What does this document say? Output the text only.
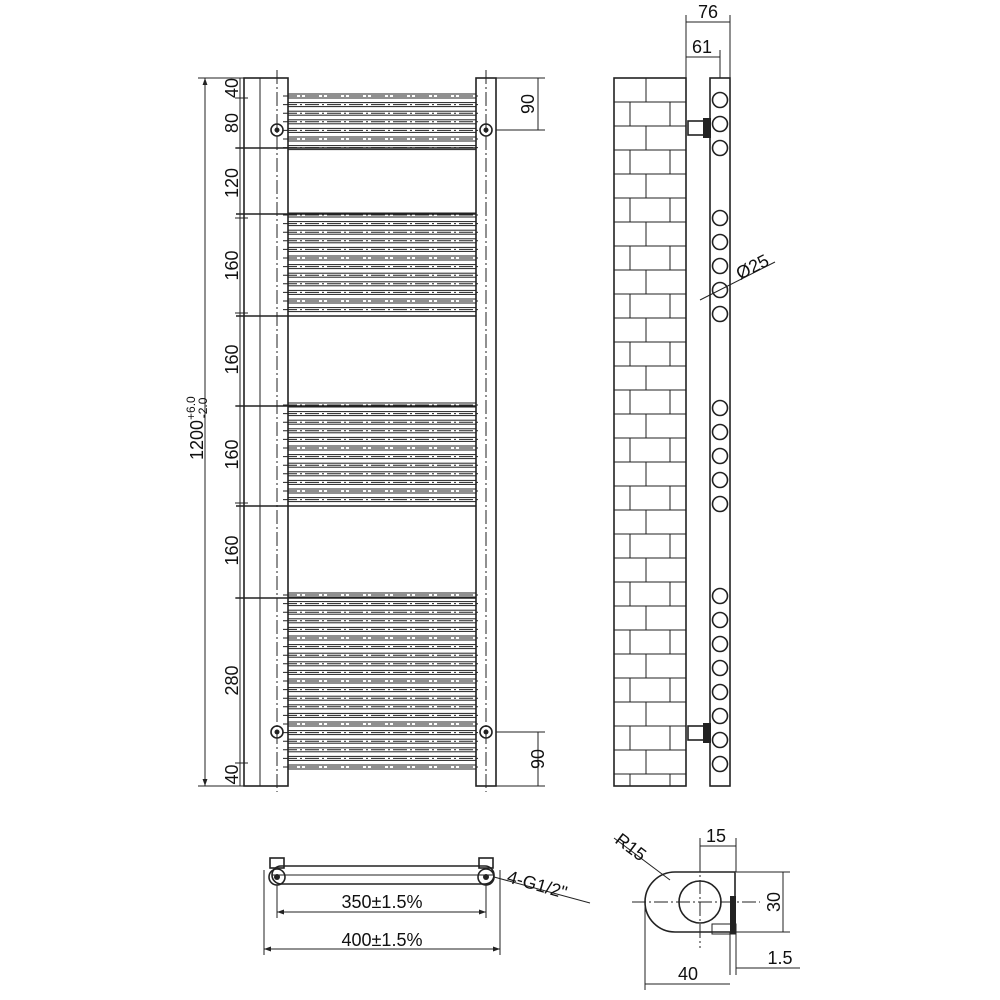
$1200^{+6.0}-2.0$
40
80
120
160
160
160
160
280
40
90
90
76
61
Ø25
4-G1/2"
350±1.5%
400±1.5%
R15	15
30
1.5
40
